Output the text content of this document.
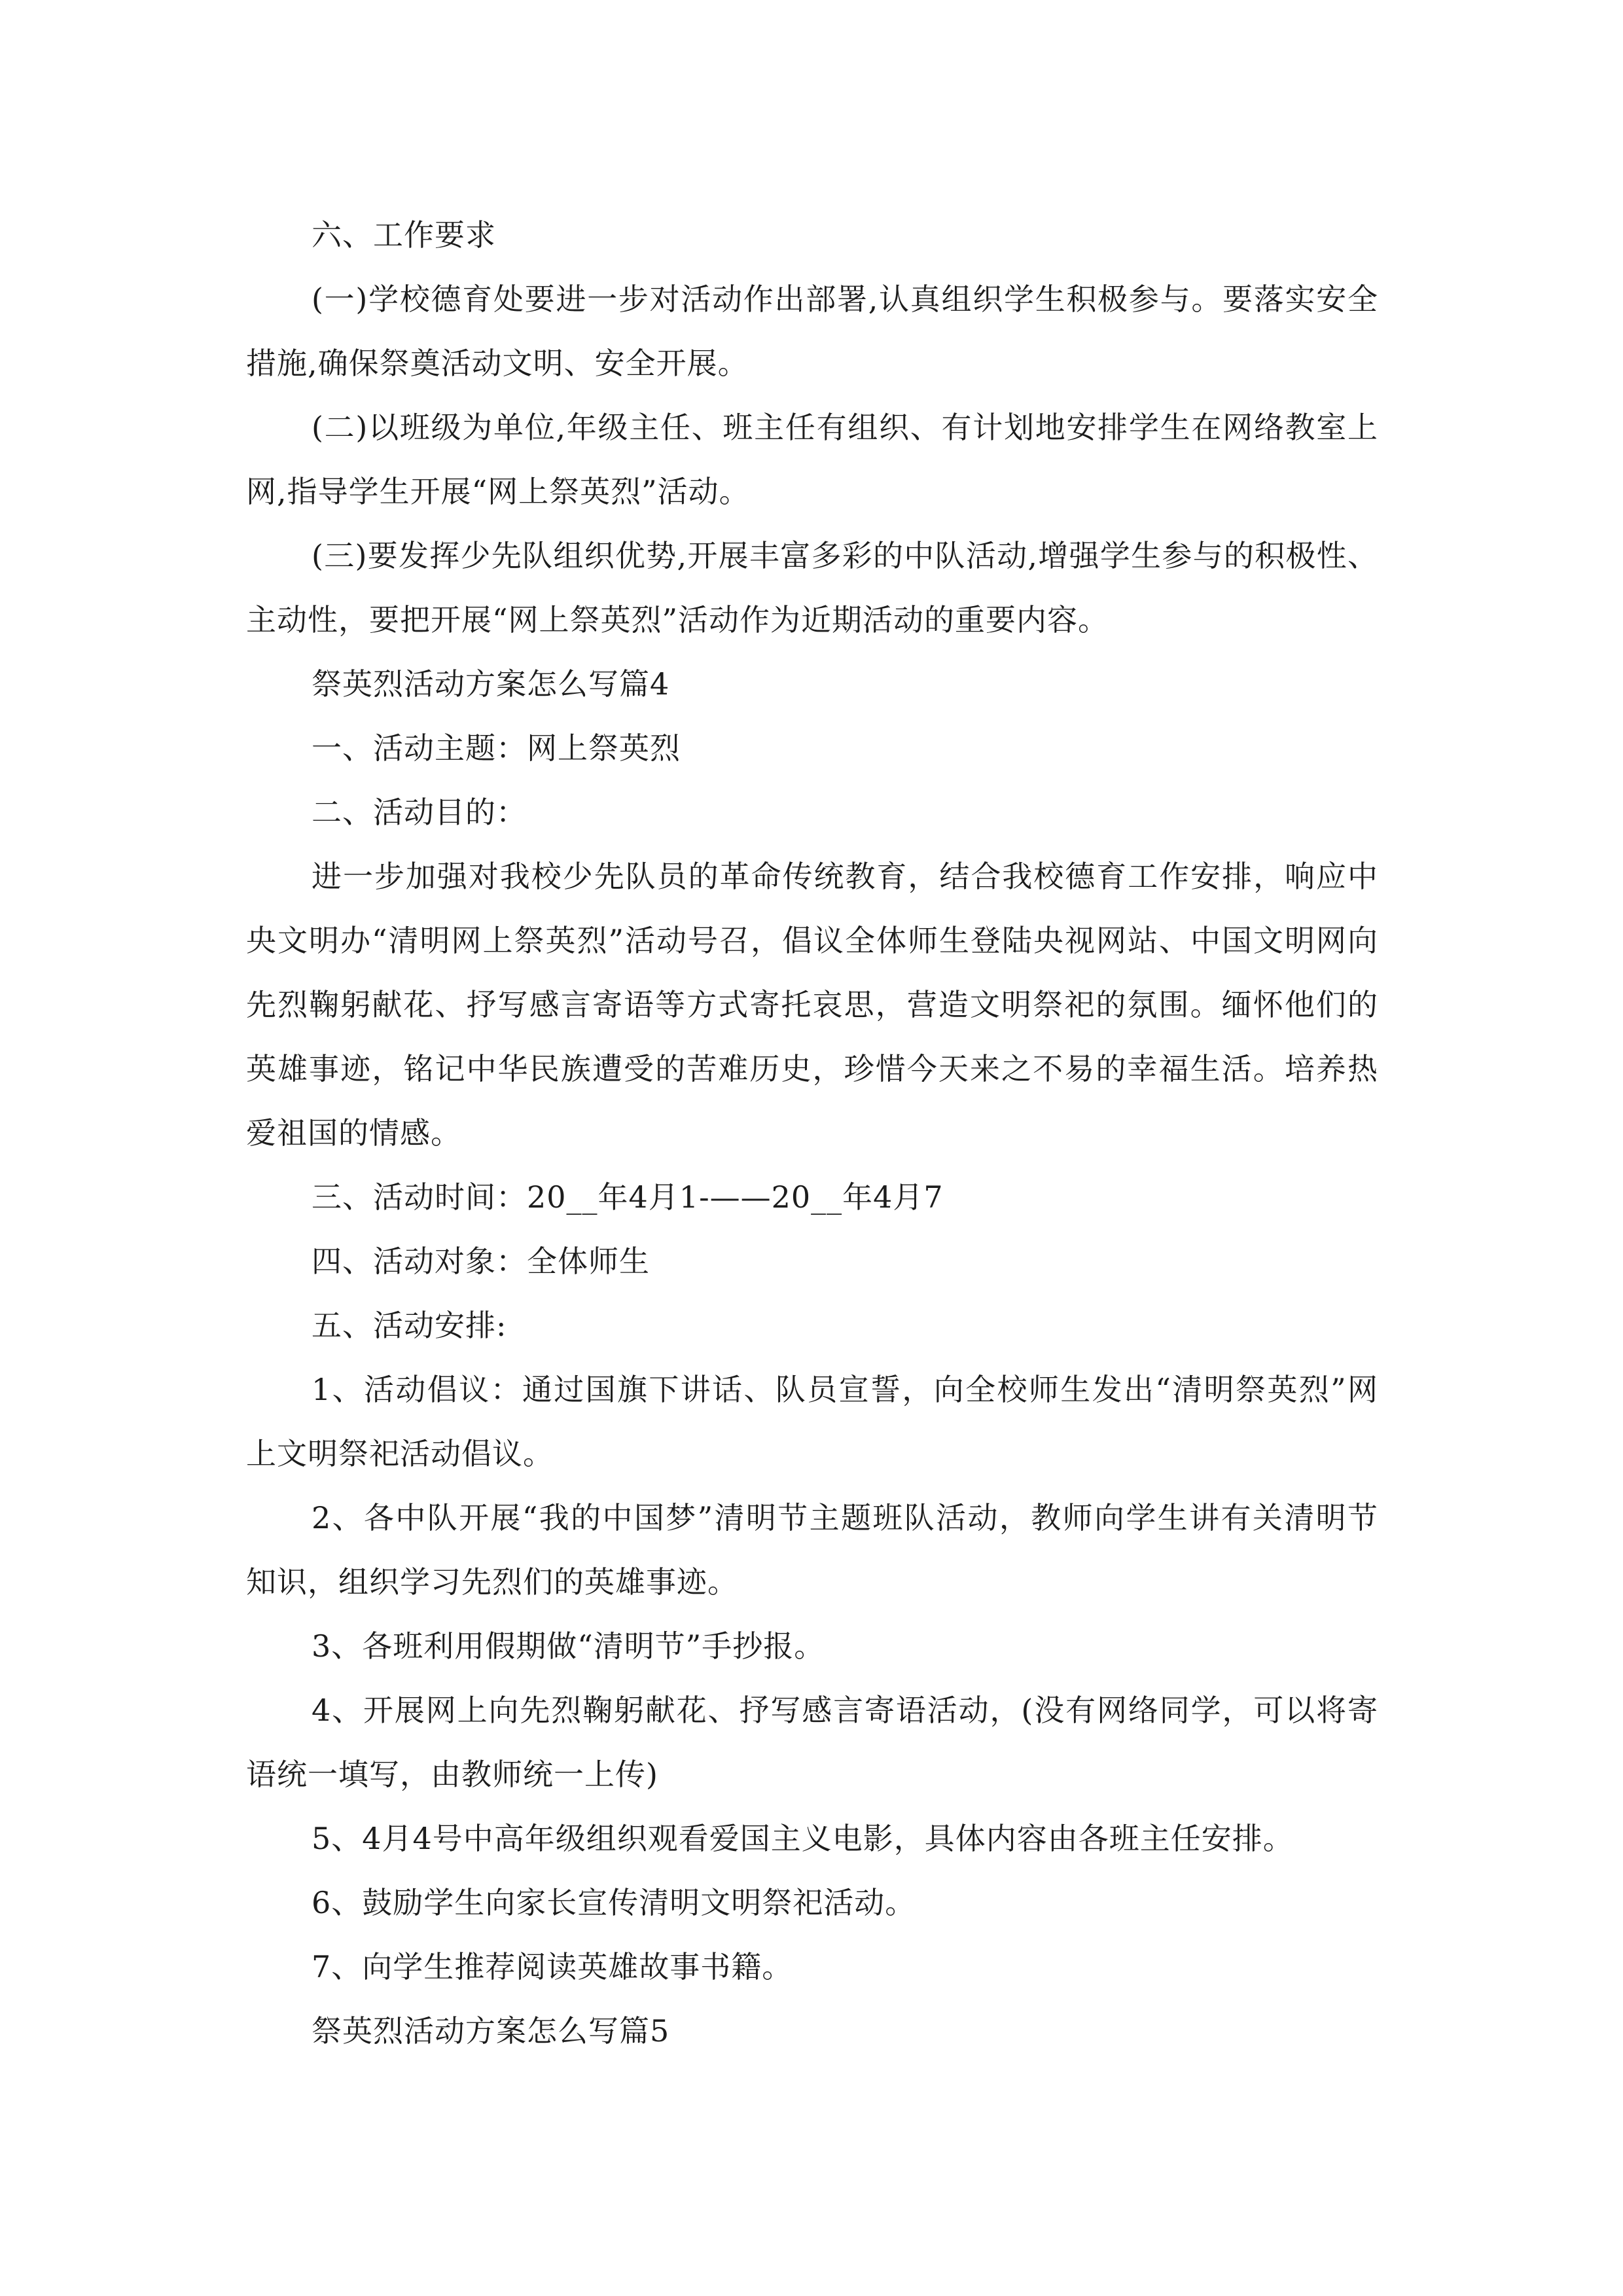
六、工作要求

(一)学校德育处要进一步对活动作出部署,认真组织学生积极参与。要落实安全措施,确保祭奠活动文明、安全开展。

(二)以班级为单位,年级主任、班主任有组织、有计划地安排学生在网络教室上网,指导学生开展“网上祭英烈”活动。

(三)要发挥少先队组织优势,开展丰富多彩的中队活动,增强学生参与的积极性、主动性，要把开展“网上祭英烈”活动作为近期活动的重要内容。

祭英烈活动方案怎么写篇4

一、活动主题：网上祭英烈

二、活动目的：

进一步加强对我校少先队员的革命传统教育，结合我校德育工作安排，响应中央文明办“清明网上祭英烈”活动号召，倡议全体师生登陆央视网站、中国文明网向先烈鞠躬献花、抒写感言寄语等方式寄托哀思，营造文明祭祀的氛围。缅怀他们的英雄事迹，铭记中华民族遭受的苦难历史，珍惜今天来之不易的幸福生活。培养热爱祖国的情感。

三、活动时间：20__年4月1-——20__年4月7

四、活动对象：全体师生

五、活动安排:

1、活动倡议：通过国旗下讲话、队员宣誓，向全校师生发出“清明祭英烈”网上文明祭祀活动倡议。

2、各中队开展“我的中国梦”清明节主题班队活动，教师向学生讲有关清明节知识，组织学习先烈们的英雄事迹。

3、各班利用假期做“清明节”手抄报。

4、开展网上向先烈鞠躬献花、抒写感言寄语活动，(没有网络同学，可以将寄语统一填写，由教师统一上传)

5、4月4号中高年级组织观看爱国主义电影，具体内容由各班主任安排。

6、鼓励学生向家长宣传清明文明祭祀活动。

7、向学生推荐阅读英雄故事书籍。

祭英烈活动方案怎么写篇5
